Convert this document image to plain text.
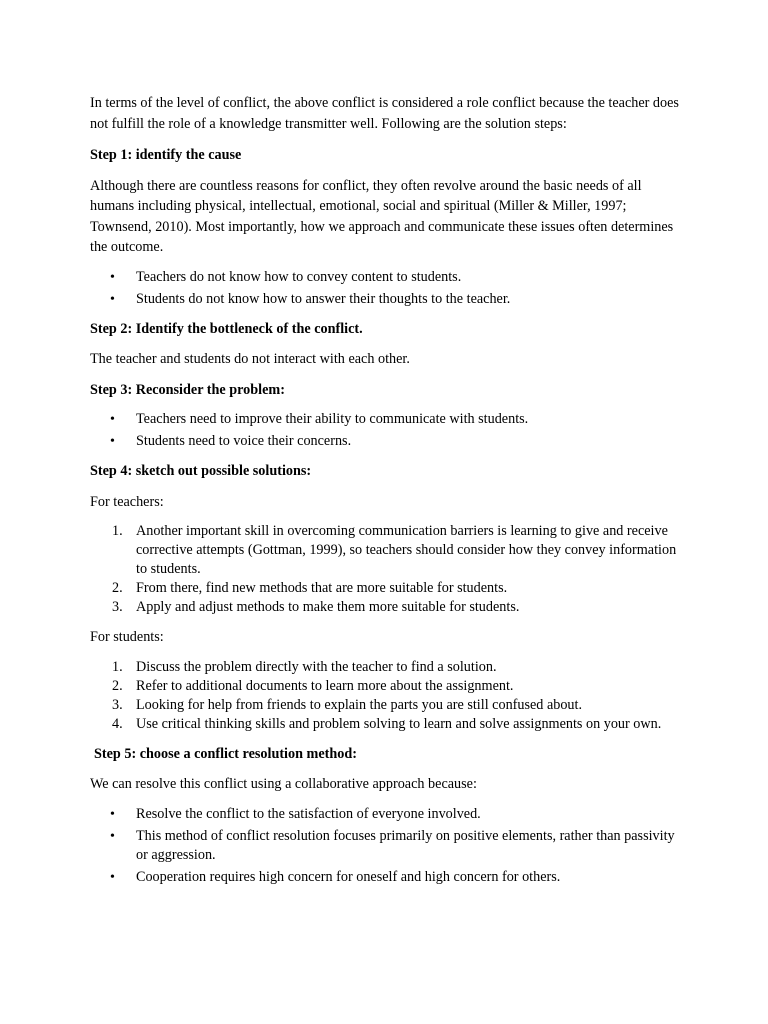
In terms of the level of conflict, the above conflict is considered a role conflict because the teacher does not fulfill the role of a knowledge transmitter well. Following are the solution steps:

Step 1: identify the cause

Although there are countless reasons for conflict, they often revolve around the basic needs of all humans including physical, intellectual, emotional, social and spiritual (Miller & Miller, 1997; Townsend, 2010). Most importantly, how we approach and communicate these issues often determines the outcome.

• Teachers do not know how to convey content to students.
• Students do not know how to answer their thoughts to the teacher.

Step 2: Identify the bottleneck of the conflict.

The teacher and students do not interact with each other.

Step 3: Reconsider the problem:

• Teachers need to improve their ability to communicate with students.
• Students need to voice their concerns.

Step 4: sketch out possible solutions:

For teachers:

1. Another important skill in overcoming communication barriers is learning to give and receive corrective attempts (Gottman, 1999), so teachers should consider how they convey information to students.
2. From there, find new methods that are more suitable for students.
3. Apply and adjust methods to make them more suitable for students.

For students:

1. Discuss the problem directly with the teacher to find a solution.
2. Refer to additional documents to learn more about the assignment.
3. Looking for help from friends to explain the parts you are still confused about.
4. Use critical thinking skills and problem solving to learn and solve assignments on your own.

Step 5: choose a conflict resolution method:

We can resolve this conflict using a collaborative approach because:

• Resolve the conflict to the satisfaction of everyone involved.
• This method of conflict resolution focuses primarily on positive elements, rather than passivity or aggression.
• Cooperation requires high concern for oneself and high concern for others.
